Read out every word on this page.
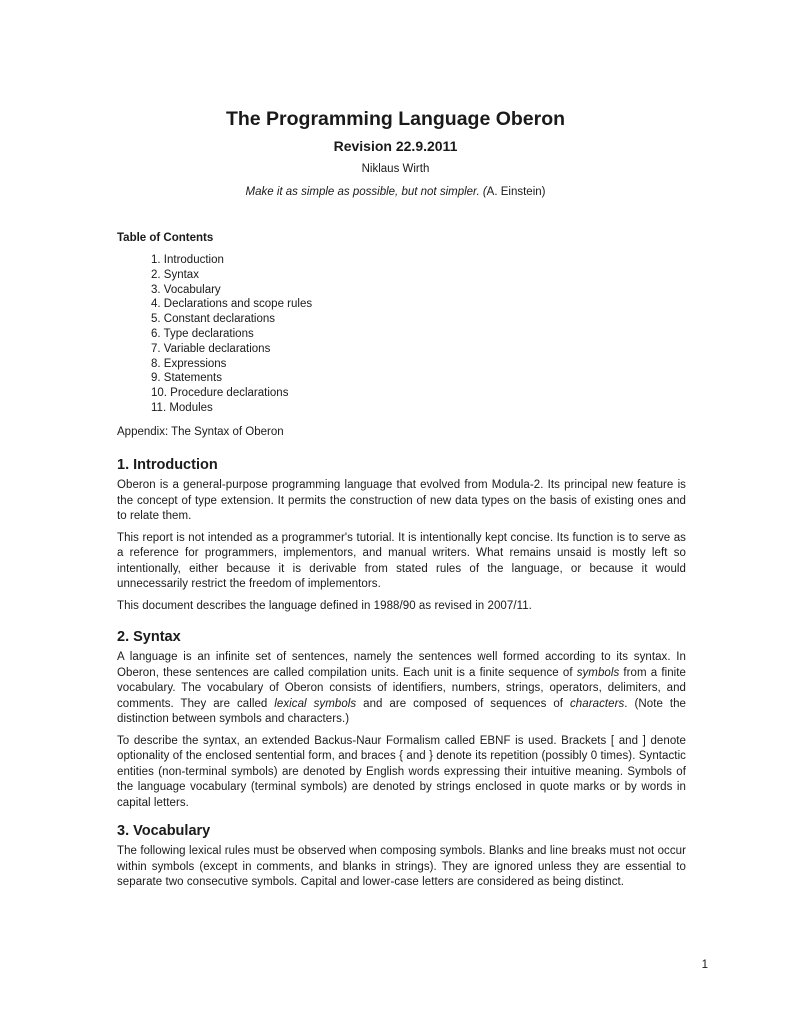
The Programming Language Oberon
Revision 22.9.2011
Niklaus Wirth
Make it as simple as possible, but not simpler. (A. Einstein)
Table of Contents
1. Introduction
2. Syntax
3. Vocabulary
4. Declarations and scope rules
5. Constant declarations
6. Type declarations
7. Variable declarations
8. Expressions
9. Statements
10. Procedure declarations
11. Modules
Appendix: The Syntax of Oberon
1. Introduction

Oberon is a general-purpose programming language that evolved from Modula-2. Its principal new feature is the concept of type extension. It permits the construction of new data types on the basis of existing ones and to relate them.

This report is not intended as a programmer's tutorial. It is intentionally kept concise. Its function is to serve as a reference for programmers, implementors, and manual writers. What remains unsaid is mostly left so intentionally, either because it is derivable from stated rules of the language, or because it would unnecessarily restrict the freedom of implementors.

This document describes the language defined in 1988/90 as revised in 2007/11.

2. Syntax

A language is an infinite set of sentences, namely the sentences well formed according to its syntax. In Oberon, these sentences are called compilation units. Each unit is a finite sequence of symbols from a finite vocabulary. The vocabulary of Oberon consists of identifiers, numbers, strings, operators, delimiters, and comments. They are called lexical symbols and are composed of sequences of characters. (Note the distinction between symbols and characters.)

To describe the syntax, an extended Backus-Naur Formalism called EBNF is used. Brackets [ and ] denote optionality of the enclosed sentential form, and braces { and } denote its repetition (possibly 0 times). Syntactic entities (non-terminal symbols) are denoted by English words expressing their intuitive meaning. Symbols of the language vocabulary (terminal symbols) are denoted by strings enclosed in quote marks or by words in capital letters.

3. Vocabulary

The following lexical rules must be observed when composing symbols. Blanks and line breaks must not occur within symbols (except in comments, and blanks in strings). They are ignored unless they are essential to separate two consecutive symbols. Capital and lower-case letters are considered as being distinct.

1
